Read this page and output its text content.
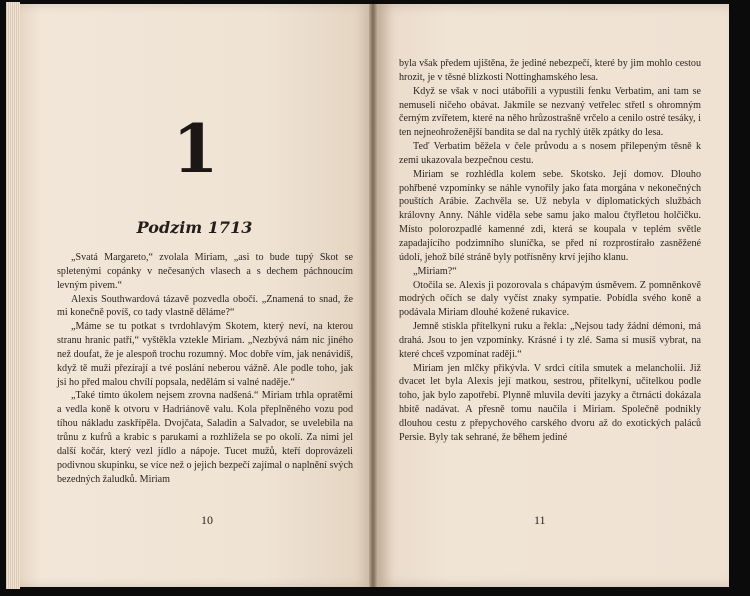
1
Podzim 1713

„Svatá Margareto,“ zvolala Miriam, „asi to bude tupý Skot se spletenými copánky v nečesaných vlasech a s dechem páchnoucím levným pivem.“

Alexis Southwardová tázavě pozvedla obočí. „Znamená to snad, že mi konečně povíš, co tady vlastně děláme?“

„Máme se tu potkat s tvrdohlavým Skotem, který neví, na kterou stranu hranic patří,“ vyštěkla vztekle Miriam. „Nezbývá nám nic jiného než doufat, že je alespoň trochu rozumný. Moc dobře vím, jak nenávidíš, když tě muži přezírají a tvé poslání neberou vážně. Ale podle toho, jak jsi ho před malou chvílí popsala, nedělám si valné naděje.“

„Také tímto úkolem nejsem zrovna nadšená.“ Miriam trhla opratěmi a vedla koně k otvoru v Hadriánově valu. Kola přeplněného vozu pod tíhou nákladu zaskřípěla. Dvojčata, Saladin a Salvador, se uvelebila na trůnu z kufrů a krabic s parukami a rozhlížela se po okolí. Za nimi jel další kočár, který vezl jídlo a nápoje. Tucet mužů, kteří doprovázeli podivnou skupinku, se více než o jejich bezpečí zajímal o naplnění svých bezedných žaludků. Miriam

10

byla však předem ujištěna, že jediné nebezpečí, které by jim mohlo cestou hrozit, je v těsné blízkosti Nottinghamského lesa.

Když se však v noci utábořili a vypustili fenku Verbatim, ani tam se nemuseli ničeho obávat. Jakmile se nezvaný vetřelec střetl s ohromným černým zvířetem, které na něho hrůzostrašně vrčelo a cenilo ostré tesáky, i ten nejneohroženější bandita se dal na rychlý útěk zpátky do lesa.

Teď Verbatim běžela v čele průvodu a s nosem přilepeným těsně k zemi ukazovala bezpečnou cestu.

Miriam se rozhlédla kolem sebe. Skotsko. Její domov. Dlouho pohřbené vzpomínky se náhle vynořily jako fata morgána v nekonečných pouštích Arábie. Zachvěla se. Už nebyla v diplomatických službách královny Anny. Náhle viděla sebe samu jako malou čtyřletou holčičku. Místo polorozpadlé kamenné zdi, která se koupala v teplém světle zapadajícího podzimního sluníčka, se před ní rozprostírało zasněžené údolí, jehož bílé stráně byly potřísněny krví jejího klanu.

„Miriam?“

Otočila se. Alexis ji pozorovala s chápavým úsměvem. Z pomněnkově modrých očích se daly vyčíst znaky sympatie. Pobídla svého koně a podávala Miriam dlouhé kožené rukavice.

Jemně stiskla přítelkyni ruku a řekla: „Nejsou tady žádní démoni, má drahá. Jsou to jen vzpomínky. Krásné i ty zlé. Sama si musíš vybrat, na které chceš vzpomínat raději.“

Miriam jen mlčky přikývla. V srdci cítila smutek a melancholii. Již dvacet let byla Alexis její matkou, sestrou, přítelkyní, učitelkou podle toho, jak bylo zapotřebí. Plynně mluvila devíti jazyky a čtrnácti dokázala hbitě nadávat. A přesně tomu naučila i Miriam. Společně podnikly dlouhou cestu z přepychového carského dvoru až do exotických paláců Persie. Byly tak sehrané, že během jediné

11
